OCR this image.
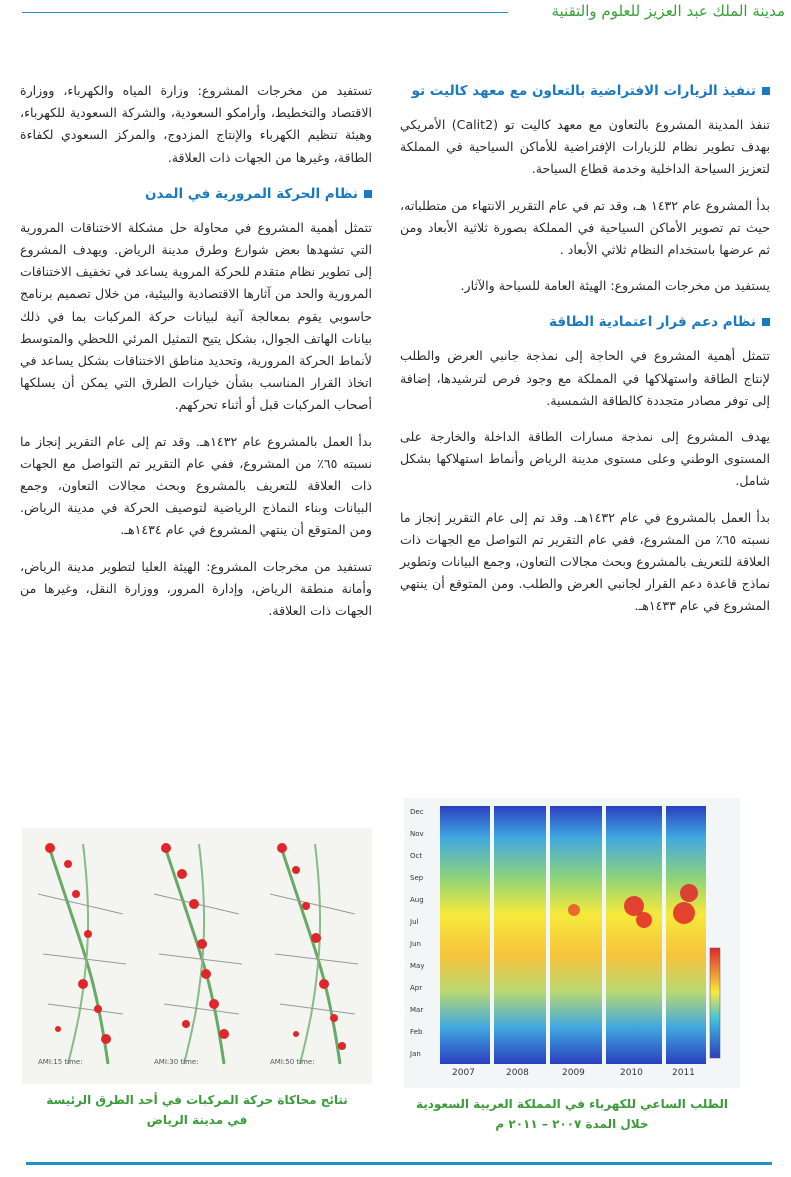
مدينة الملك عبد العزيز للعلوم والتقنية
تنفيذ الزيارات الافتراضية بالتعاون مع معهد كاليت تو

تنفذ المدينة المشروع بالتعاون مع معهد كاليت تو (Calit2) الأمريكي بهدف تطوير نظام للزيارات الإفتراضية للأماكن السياحية في المملكة لتعزيز السياحة الداخلية وخدمة قطاع السياحة.

بدأ المشروع عام ١٤٣٢ هـ، وقد تم في عام التقرير الانتهاء من متطلباته، حيث تم تصوير الأماكن السياحية في المملكة بصورة ثلاثية الأبعاد ومن ثم عرضها باستخدام النظام ثلاثي الأبعاد .

يستفيد من مخرجات المشروع: الهيئة العامة للسياحة والآثار.

نظام دعم قرار اعتمادية الطاقة

تتمثل أهمية المشروع في الحاجة إلى نمذجة جانبي العرض والطلب لإنتاج الطاقة واستهلاكها في المملكة مع وجود فرص لترشيدها، إضافة إلى توفر مصادر متجددة كالطاقة الشمسية.

يهدف المشروع إلى نمذجة مسارات الطاقة الداخلة والخارجة على المستوى الوطني وعلى مستوى مدينة الرياض وأنماط استهلاكها بشكل شامل.

بدأ العمل بالمشروع في عام ١٤٣٢هـ. وقد تم إلى عام التقرير إنجاز ما نسبته ٦٥٪ من المشروع، ففي عام التقرير تم التواصل مع الجهات ذات العلاقة للتعريف بالمشروع وبحث مجالات التعاون، وجمع البيانات وتطوير نماذج قاعدة دعم القرار لجانبي العرض والطلب. ومن المتوقع أن ينتهي المشروع في عام ١٤٣٣هـ.

تستفيد من مخرجات المشروع: وزارة المياه والكهرباء، ووزارة الاقتصاد والتخطيط، وأرامكو السعودية، والشركة السعودية للكهرباء، وهيئة تنظيم الكهرباء والإنتاج المزدوج، والمركز السعودي لكفاءة الطاقة، وغيرها من الجهات ذات العلاقة.

نظام الحركة المرورية في المدن

تتمثل أهمية المشروع في محاولة حل مشكلة الاختناقات المرورية التي تشهدها بعض شوارع وطرق مدينة الرياض. ويهدف المشروع إلى تطوير نظام متقدم للحركة المروية يساعد في تخفيف الاختناقات المرورية والحد من آثارها الاقتصادية والبيئية، من خلال تصميم برنامج حاسوبي يقوم بمعالجة آنية لبيانات حركة المركبات بما في ذلك بيانات الهاتف الجوال، بشكل يتيح التمثيل المرئي اللحظي والمتوسط لأنماط الحركة المرورية، وتحديد مناطق الاختناقات بشكل يساعد في اتخاذ القرار المناسب بشأن خيارات الطرق التي يمكن أن يسلكها أصحاب المركبات قبل أو أثناء تحركهم.

بدأ العمل بالمشروع عام ١٤٣٢هـ. وقد تم إلى عام التقرير إنجاز ما نسبته ٦٥٪ من المشروع، ففي عام التقرير تم التواصل مع الجهات ذات العلاقة للتعريف بالمشروع وبحث مجالات التعاون، وجمع البيانات وبناء النماذج الرياضية لتوصيف الحركة في مدينة الرياض. ومن المتوقع أن ينتهي المشروع في عام ١٤٣٤هـ.

تستفيد من مخرجات المشروع: الهيئة العليا لتطوير مدينة الرياض، وأمانة منطقة الرياض، وإدارة المرور، ووزارة النقل، وغيرها من الجهات ذات العلاقة.

Dec
Nov
Oct
Sep
Aug
Jul
Jun
May
Apr
Mar
Feb
Jan
2007	2008	2009	2010	2011
الطلب الساعي للكهرباء في المملكة العربية السعودية
خلال المدة ٢٠٠٧ – ٢٠١١ م
AMI:15 time:	AMI:30 time:	AMI:50 time:
نتائج محاكاة حركة المركبات في أحد الطرق الرئيسة
في مدينة الرياض
